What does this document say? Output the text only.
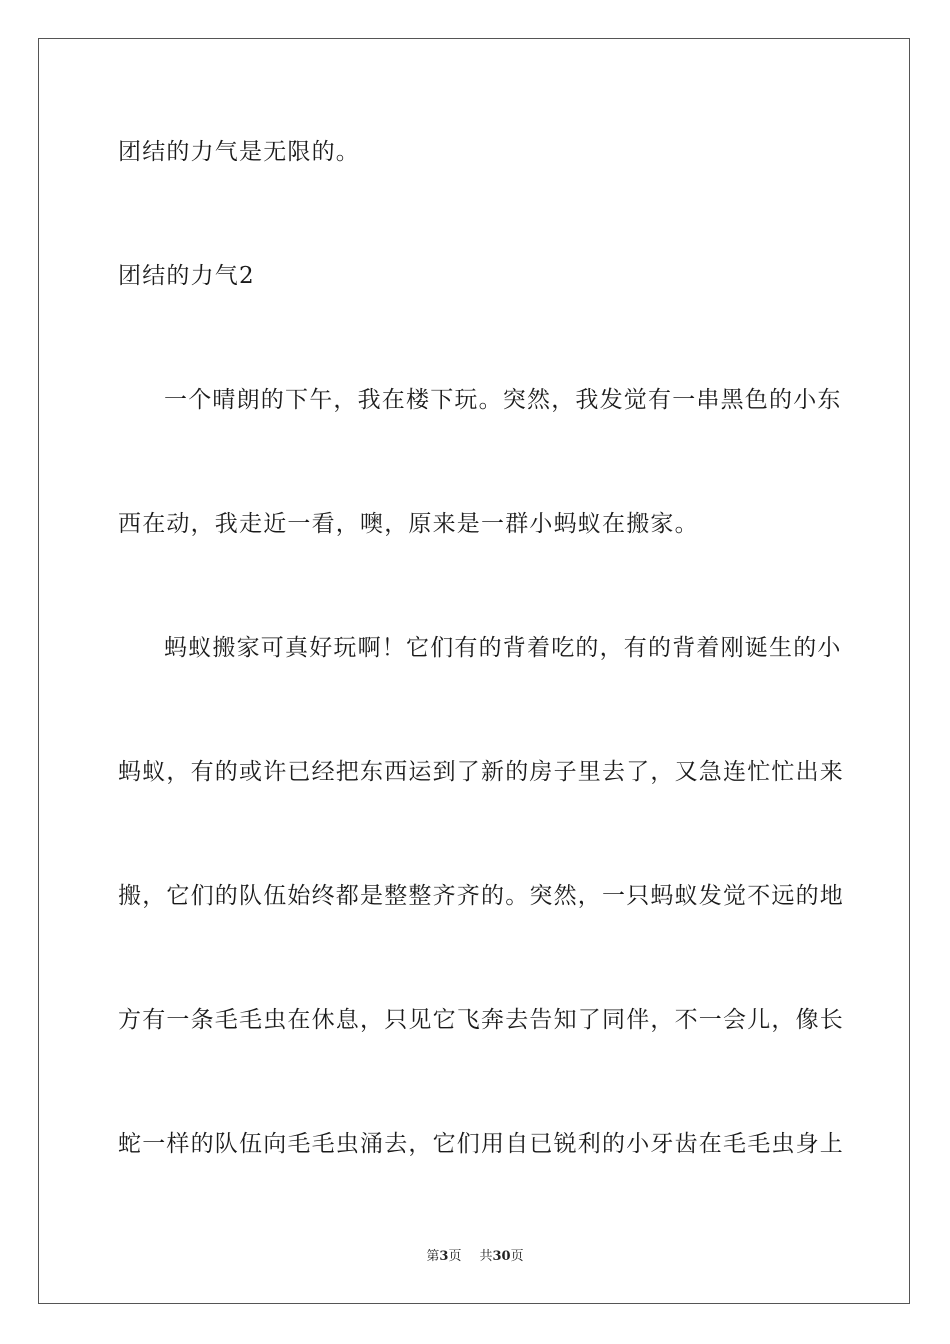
团结的力气是无限的。
团结的力气2
一个晴朗的下午，我在楼下玩。突然，我发觉有一串黑色的小东
西在动，我走近一看，噢，原来是一群小蚂蚁在搬家。
蚂蚁搬家可真好玩啊！它们有的背着吃的，有的背着刚诞生的小
蚂蚁，有的或许已经把东西运到了新的房子里去了，又急连忙忙出来
搬，它们的队伍始终都是整整齐齐的。突然，一只蚂蚁发觉不远的地
方有一条毛毛虫在休息，只见它飞奔去告知了同伴，不一会儿，像长
蛇一样的队伍向毛毛虫涌去，它们用自已锐利的小牙齿在毛毛虫身上
第3页 共30页
